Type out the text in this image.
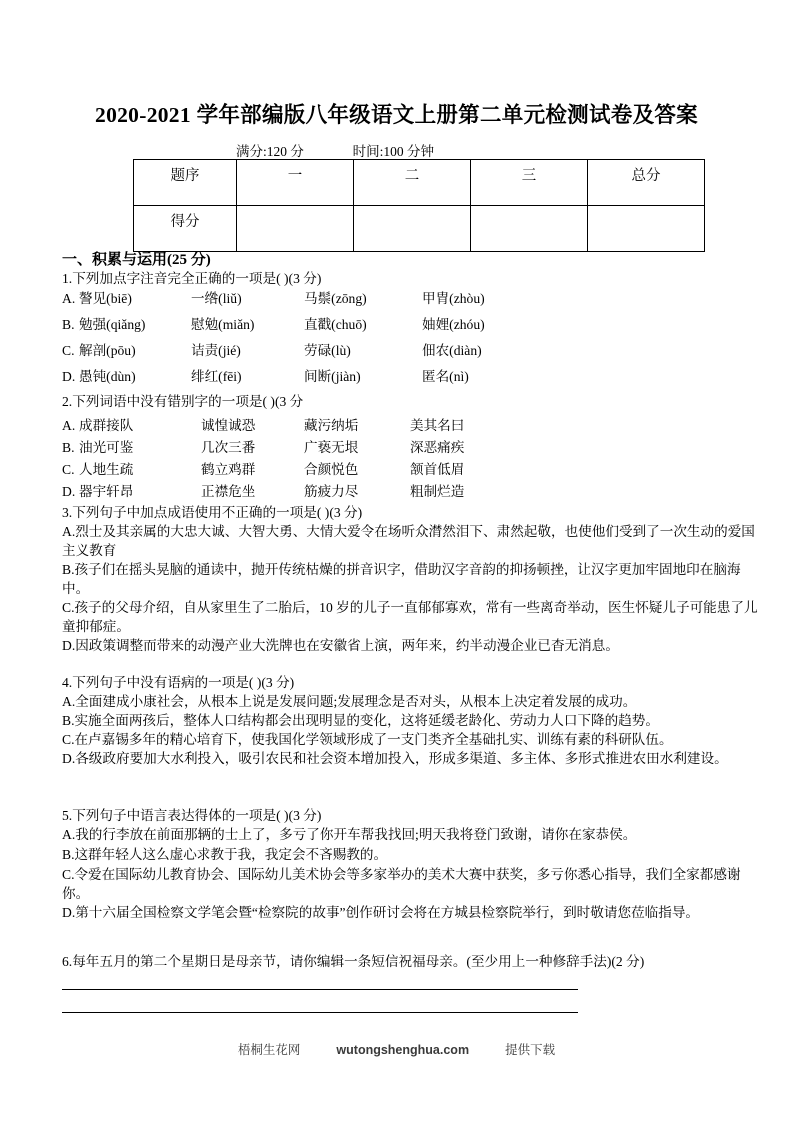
2020-2021 学年部编版八年级语文上册第二单元检测试卷及答案
满分:120 分	时间:100 分钟
题序	一	二	三	总分
得分				
一、积累与运用(25 分)
1.下列加点字注音完全正确的一项是( )(3 分)
A. 謷见(biē)	一绺(liǔ)	马鬃(zōng)	甲胄(zhòu)
B. 勉强(qiǎng)	慰勉(miǎn)	直戳(chuō)	妯娌(zhóu)
C. 解剖(pōu)	诘责(jié)	劳碌(lù)	佃农(diàn)
D. 愚钝(dùn)	绯红(fēi)	间断(jiàn)	匿名(nì)
2.下列词语中没有错别字的一项是( )(3 分
A. 成群接队	诚惶诚恐	藏污纳垢	美其名曰
B. 油光可鉴	几次三番	广亵无垠	深恶痛疾
C. 人地生疏	鹤立鸡群	合颜悦色	颔首低眉
D. 器宇轩昂	正襟危坐	筋疲力尽	粗制烂造
3.下列句子中加点成语使用不正确的一项是( )(3 分)
A.烈士及其亲属的大忠大诚、大智大勇、大情大爱令在场听众潸然泪下、肃然起敬，也使他们受到了一次生动的爱国主义教育
B.孩子们在摇头晃脑的通读中，抛开传统枯燥的拼音识字，借助汉字音韵的抑扬顿挫，让汉字更加牢固地印在脑海中。
C.孩子的父母介绍，自从家里生了二胎后，10 岁的儿子一直郁郁寡欢，常有一些离奇举动，医生怀疑儿子可能患了儿童抑郁症。
D.因政策调整而带来的动漫产业大洗牌也在安徽省上演，两年来，约半动漫企业已杳无消息。
4.下列句子中没有语病的一项是( )(3 分)
A.全面建成小康社会，从根本上说是发展问题;发展理念是否对头，从根本上决定着发展的成功。
B.实施全面两孩后，整体人口结构都会出现明显的变化，这将延缓老龄化、劳动力人口下降的趋势。
C.在卢嘉锡多年的精心培育下，使我国化学领域形成了一支门类齐全基础扎实、训练有素的科研队伍。
D.各级政府要加大水利投入，吸引农民和社会资本增加投入，形成多渠道、多主体、多形式推进农田水利建设。
5.下列句子中语言表达得体的一项是( )(3 分)
A.我的行李放在前面那辆的士上了，多亏了你开车帮我找回;明天我将登门致谢，请你在家恭侯。
B.这群年轻人这么虚心求教于我，我定会不吝赐教的。
C.令爱在国际幼儿教育协会、国际幼儿美术协会等多家举办的美术大赛中获奖，多亏你悉心指导，我们全家都感谢你。
D.第十六届全国检察文学笔会暨“检察院的故事”创作研讨会将在方城县检察院举行，到时敬请您莅临指导。
6.每年五月的第二个星期日是母亲节，请你编辑一条短信祝福母亲。(至少用上一种修辞手法)(2 分)
梧桐生花网	wutongshenghua.com	提供下载
